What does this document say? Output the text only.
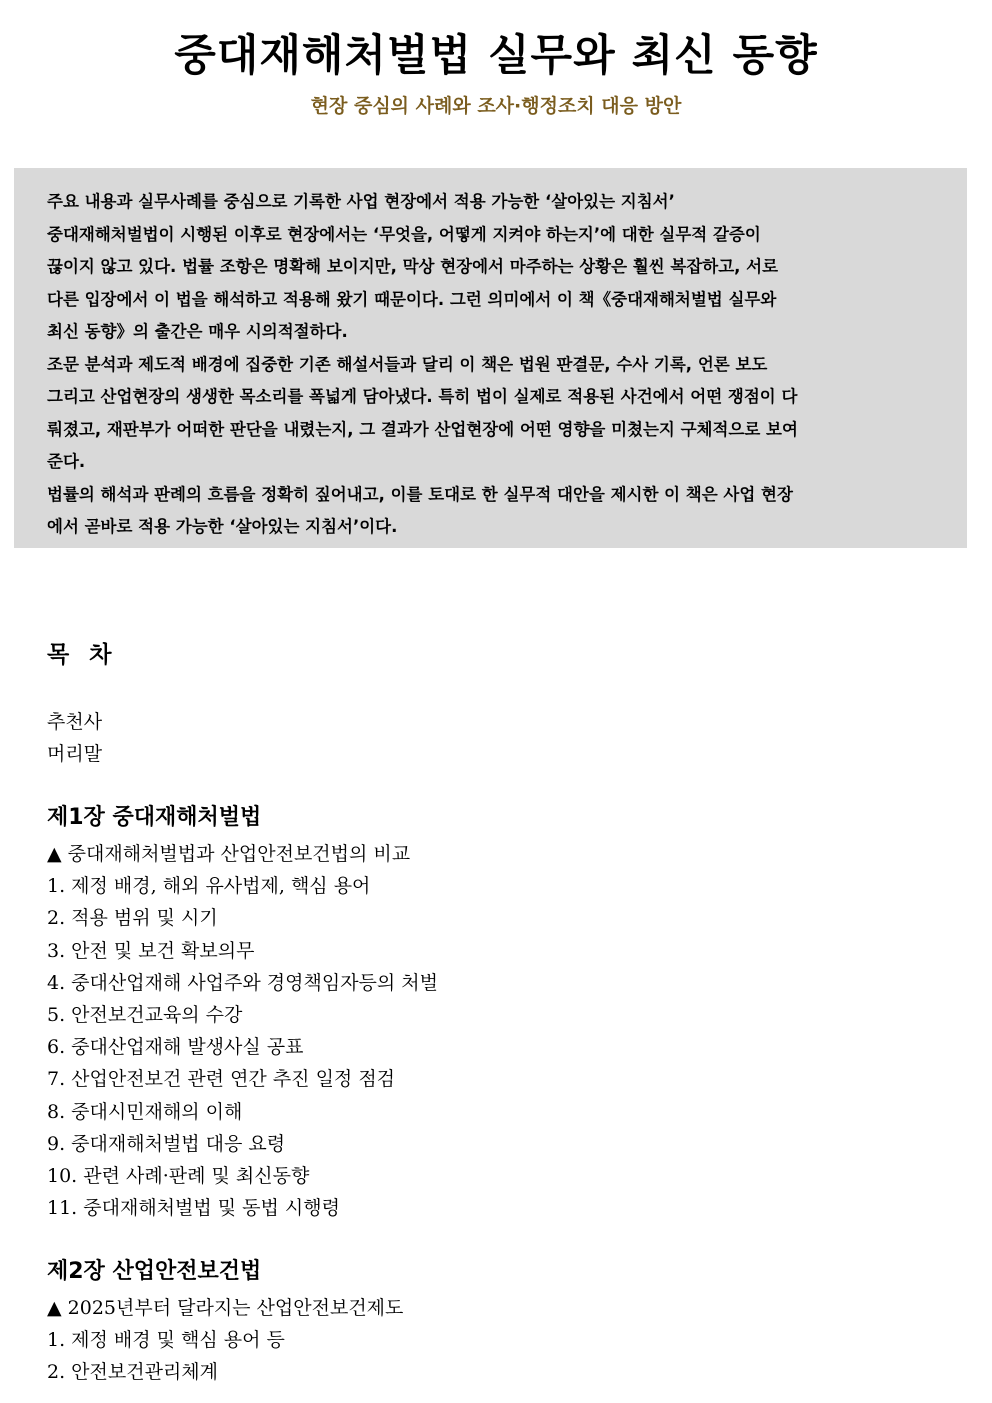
중대재해처벌법 실무와 최신 동향
현장 중심의 사례와 조사·행정조치 대응 방안

주요 내용과 실무사례를 중심으로 기록한 사업 현장에서 적용 가능한 ‘살아있는 지침서’

중대재해처벌법이 시행된 이후로 현장에서는 ‘무엇을, 어떻게 지켜야 하는지’에 대한 실무적 갈증이

끊이지 않고 있다. 법률 조항은 명확해 보이지만, 막상 현장에서 마주하는 상황은 훨씬 복잡하고, 서로

다른 입장에서 이 법을 해석하고 적용해 왔기 때문이다. 그런 의미에서 이 책《중대재해처벌법 실무와

최신 동향》의 출간은 매우 시의적절하다.

조문 분석과 제도적 배경에 집중한 기존 해설서들과 달리 이 책은 법원 판결문, 수사 기록, 언론 보도

그리고 산업현장의 생생한 목소리를 폭넓게 담아냈다. 특히 법이 실제로 적용된 사건에서 어떤 쟁점이 다

뤄졌고, 재판부가 어떠한 판단을 내렸는지, 그 결과가 산업현장에 어떤 영향을 미쳤는지 구체적으로 보여

준다.

법률의 해석과 판례의 흐름을 정확히 짚어내고, 이를 토대로 한 실무적 대안을 제시한 이 책은 사업 현장

에서 곧바로 적용 가능한 ‘살아있는 지침서’이다.

목 차
추천사
머리말
제1장 중대재해처벌법
▲ 중대재해처벌법과 산업안전보건법의 비교
1. 제정 배경, 해외 유사법제, 핵심 용어
2. 적용 범위 및 시기
3. 안전 및 보건 확보의무
4. 중대산업재해 사업주와 경영책임자등의 처벌
5. 안전보건교육의 수강
6. 중대산업재해 발생사실 공표
7. 산업안전보건 관련 연간 추진 일정 점검
8. 중대시민재해의 이해
9. 중대재해처벌법 대응 요령
10. 관련 사례·판례 및 최신동향
11. 중대재해처벌법 및 동법 시행령
제2장 산업안전보건법
▲ 2025년부터 달라지는 산업안전보건제도
1. 제정 배경 및 핵심 용어 등
2. 안전보건관리체계
